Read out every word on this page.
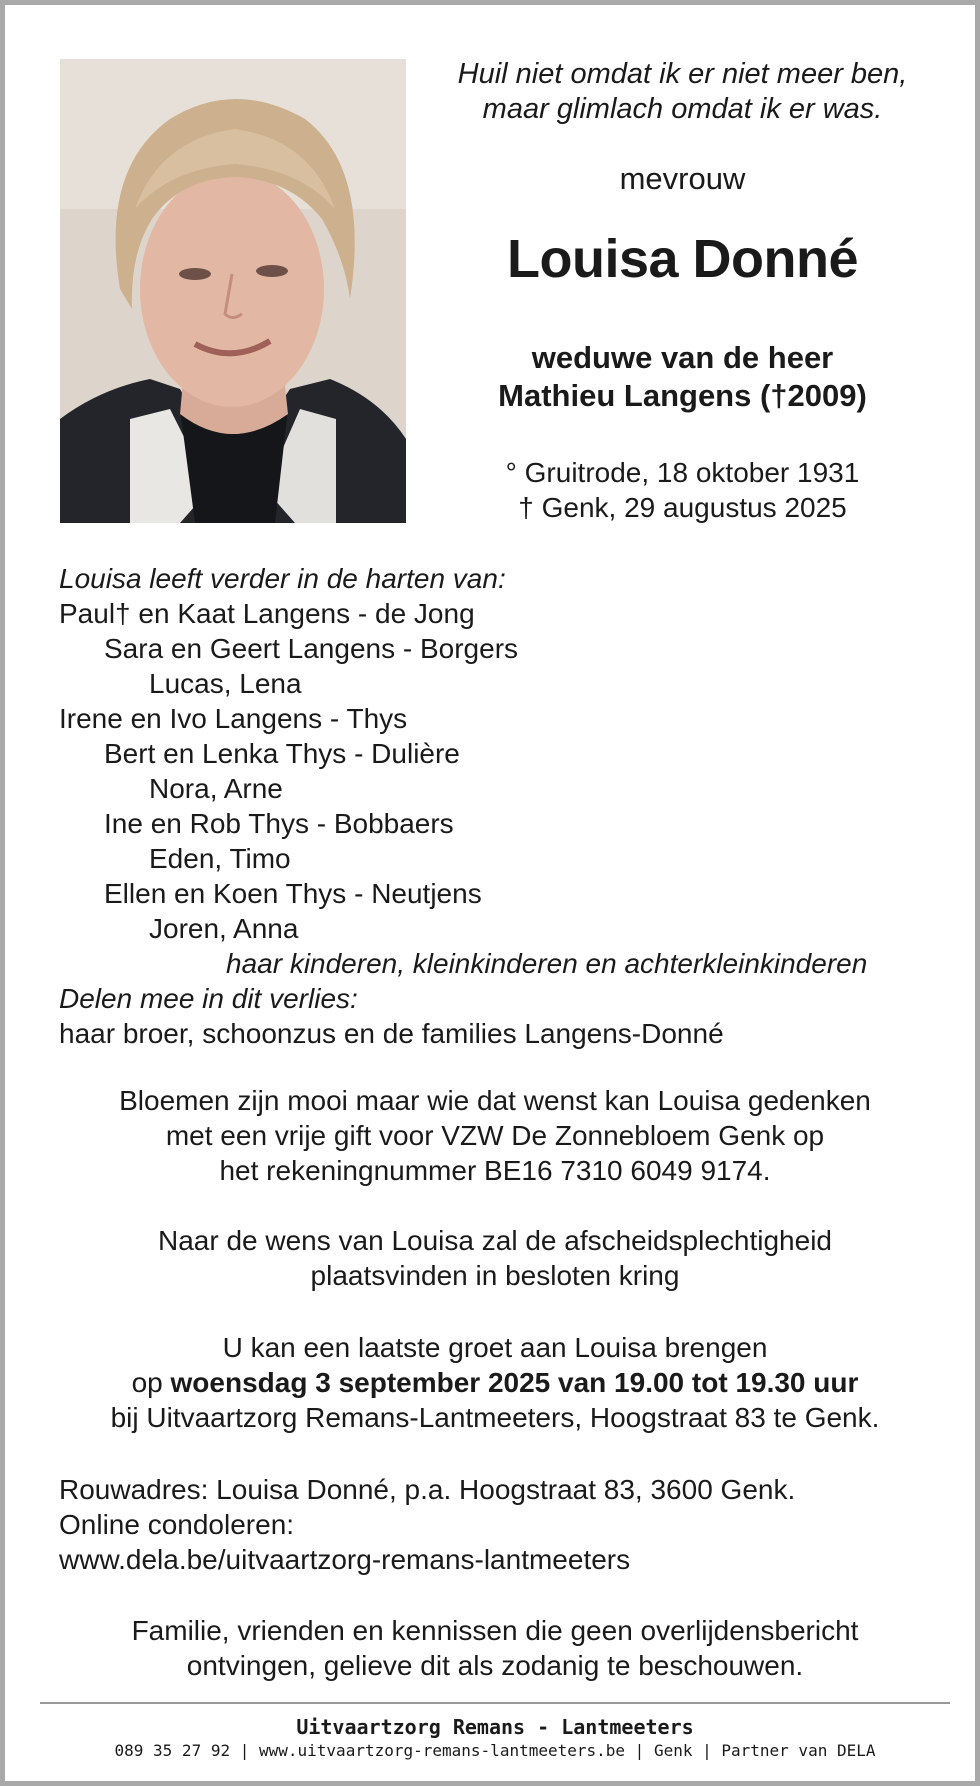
Huil niet omdat ik er niet meer ben,
maar glimlach omdat ik er was.
mevrouw
Louisa Donné
weduwe van de heer
Mathieu Langens (†2009)
° Gruitrode, 18 oktober 1931
† Genk, 29 augustus 2025
Louisa leeft verder in de harten van:
Paul† en Kaat Langens - de Jong
Sara en Geert Langens - Borgers
Lucas, Lena
Irene en Ivo Langens - Thys
Bert en Lenka Thys - Dulière
Nora, Arne
Ine en Rob Thys - Bobbaers
Eden, Timo
Ellen en Koen Thys - Neutjens
Joren, Anna
haar kinderen, kleinkinderen en achterkleinkinderen
Delen mee in dit verlies:
haar broer, schoonzus en de families Langens-Donné
Bloemen zijn mooi maar wie dat wenst kan Louisa gedenken
met een vrije gift voor VZW De Zonnebloem Genk op
het rekeningnummer BE16 7310 6049 9174.
Naar de wens van Louisa zal de afscheidsplechtigheid
plaatsvinden in besloten kring
U kan een laatste groet aan Louisa brengen
op woensdag 3 september 2025 van 19.00 tot 19.30 uur
bij Uitvaartzorg Remans-Lantmeeters, Hoogstraat 83 te Genk.
Rouwadres: Louisa Donné, p.a. Hoogstraat 83, 3600 Genk.
Online condoleren:
www.dela.be/uitvaartzorg-remans-lantmeeters
Familie, vrienden en kennissen die geen overlijdensbericht
ontvingen, gelieve dit als zodanig te beschouwen.
Uitvaartzorg Remans - Lantmeeters
089 35 27 92 | www.uitvaartzorg-remans-lantmeeters.be | Genk | Partner van DELA
